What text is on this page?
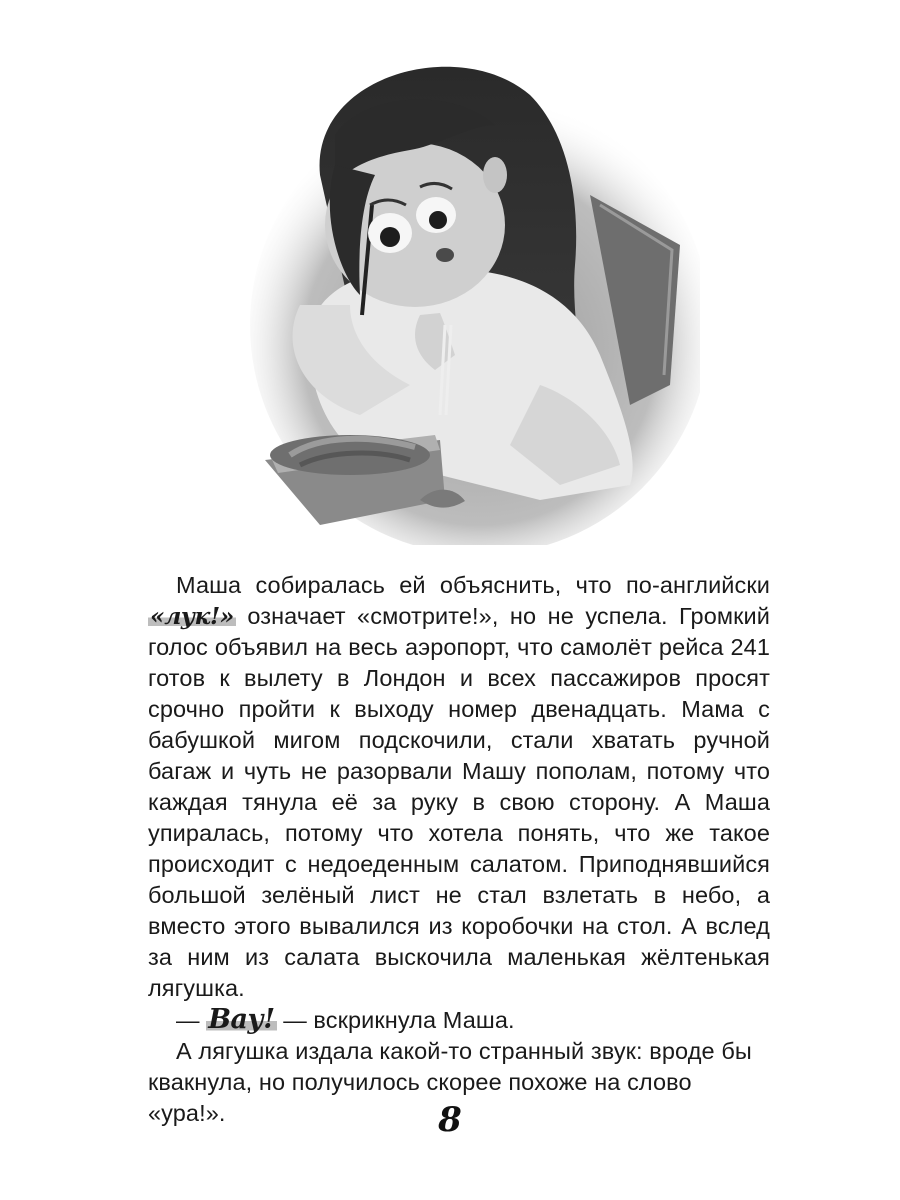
Маша собиралась ей объяснить, что по-английски «лук!» означает «смотрите!», но не успела. Громкий голос объявил на весь аэропорт, что самолёт рейса 241 готов к вылету в Лондон и всех пассажиров просят срочно пройти к выходу номер двенадцать. Мама с бабушкой мигом подскочили, стали хватать ручной багаж и чуть не разорвали Машу пополам, потому что каждая тянула её за руку в свою сторону. А Маша упиралась, потому что хотела понять, что же такое происходит с недоеденным салатом. Приподнявшийся большой зелёный лист не стал взлетать в небо, а вместо этого вывалился из коробочки на стол. А вслед за ним из салата выскочила маленькая жёлтенькая лягушка.

— Вау! — вскрикнула Маша.

А лягушка издала какой-то странный звук: вроде бы квакнула, но получилось скорее похоже на слово «ура!».	8
